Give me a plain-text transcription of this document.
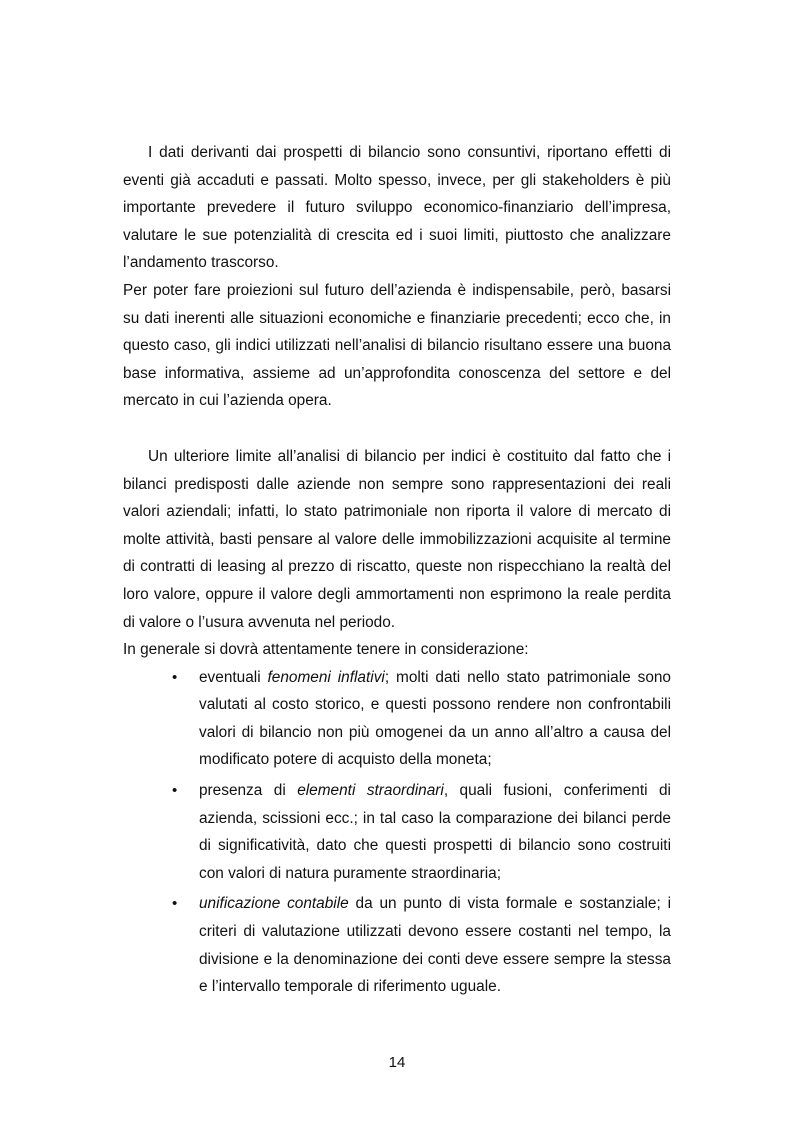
I dati derivanti dai prospetti di bilancio sono consuntivi, riportano effetti di eventi già accaduti e passati. Molto spesso, invece, per gli stakeholders è più importante prevedere il futuro sviluppo economico-finanziario dell’impresa, valutare le sue potenzialità di crescita ed i suoi limiti, piuttosto che analizzare l’andamento trascorso.

Per poter fare proiezioni sul futuro dell’azienda è indispensabile, però, basarsi su dati inerenti alle situazioni economiche e finanziarie precedenti; ecco che, in questo caso, gli indici utilizzati nell’analisi di bilancio risultano essere una buona base informativa, assieme ad un’approfondita conoscenza del settore e del mercato in cui l’azienda opera.

Un ulteriore limite all’analisi di bilancio per indici è costituito dal fatto che i bilanci predisposti dalle aziende non sempre sono rappresentazioni dei reali valori aziendali; infatti, lo stato patrimoniale non riporta il valore di mercato di molte attività, basti pensare al valore delle immobilizzazioni acquisite al termine di contratti di leasing al prezzo di riscatto, queste non rispecchiano la realtà del loro valore, oppure il valore degli ammortamenti non esprimono la reale perdita di valore o l’usura avvenuta nel periodo.

In generale si dovrà attentamente tenere in considerazione:

• eventuali fenomeni inflativi; molti dati nello stato patrimoniale sono valutati al costo storico, e questi possono rendere non confrontabili valori di bilancio non più omogenei da un anno all’altro a causa del modificato potere di acquisto della moneta;
• presenza di elementi straordinari, quali fusioni, conferimenti di azienda, scissioni ecc.; in tal caso la comparazione dei bilanci perde di significatività, dato che questi prospetti di bilancio sono costruiti con valori di natura puramente straordinaria;
• unificazione contabile da un punto di vista formale e sostanziale; i criteri di valutazione utilizzati devono essere costanti nel tempo, la divisione e la denominazione dei conti deve essere sempre la stessa e l’intervallo temporale di riferimento uguale.
14
